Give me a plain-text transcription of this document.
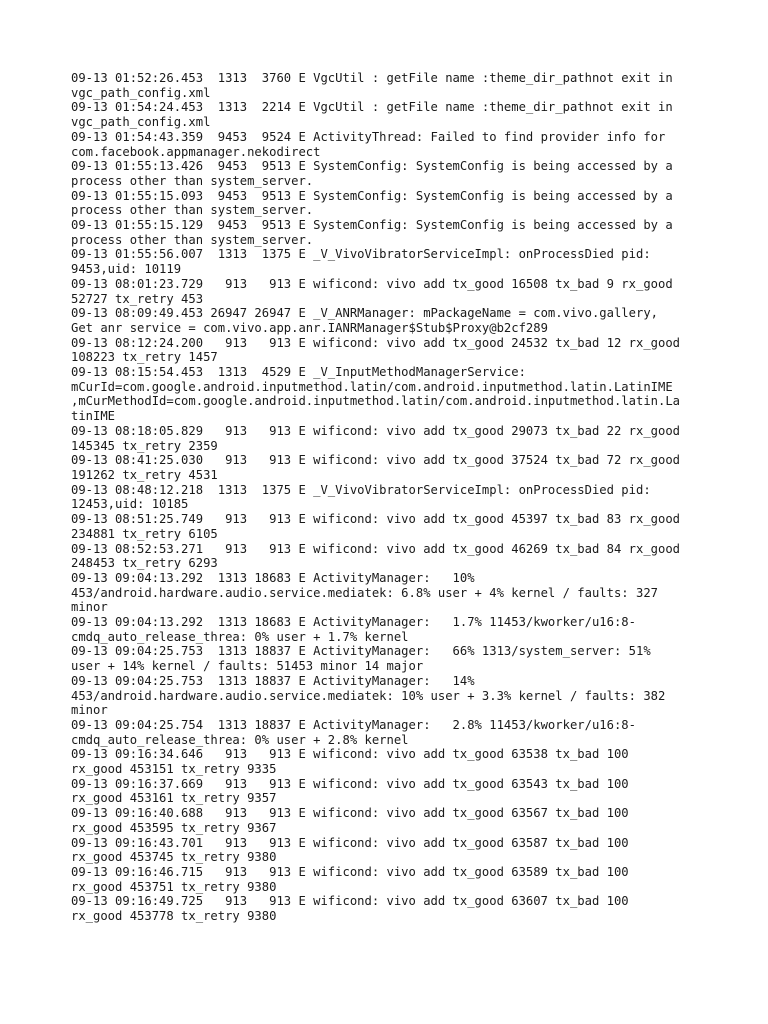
09-13 01:52:26.453  1313  3760 E VgcUtil : getFile name :theme_dir_pathnot exit in

vgc_path_config.xml

09-13 01:54:24.453  1313  2214 E VgcUtil : getFile name :theme_dir_pathnot exit in

vgc_path_config.xml

09-13 01:54:43.359  9453  9524 E ActivityThread: Failed to find provider info for

com.facebook.appmanager.nekodirect

09-13 01:55:13.426  9453  9513 E SystemConfig: SystemConfig is being accessed by a

process other than system_server.

09-13 01:55:15.093  9453  9513 E SystemConfig: SystemConfig is being accessed by a

process other than system_server.

09-13 01:55:15.129  9453  9513 E SystemConfig: SystemConfig is being accessed by a

process other than system_server.

09-13 01:55:56.007  1313  1375 E _V_VivoVibratorServiceImpl: onProcessDied pid:

9453,uid: 10119

09-13 08:01:23.729   913   913 E wificond: vivo add tx_good 16508 tx_bad 9 rx_good

52727 tx_retry 453

09-13 08:09:49.453 26947 26947 E _V_ANRManager: mPackageName = com.vivo.gallery,

Get anr service = com.vivo.app.anr.IANRManager$Stub$Proxy@b2cf289

09-13 08:12:24.200   913   913 E wificond: vivo add tx_good 24532 tx_bad 12 rx_good

108223 tx_retry 1457

09-13 08:15:54.453  1313  4529 E _V_InputMethodManagerService:

mCurId=com.google.android.inputmethod.latin/com.android.inputmethod.latin.LatinIME

,mCurMethodId=com.google.android.inputmethod.latin/com.android.inputmethod.latin.La

tinIME

09-13 08:18:05.829   913   913 E wificond: vivo add tx_good 29073 tx_bad 22 rx_good

145345 tx_retry 2359

09-13 08:41:25.030   913   913 E wificond: vivo add tx_good 37524 tx_bad 72 rx_good

191262 tx_retry 4531

09-13 08:48:12.218  1313  1375 E _V_VivoVibratorServiceImpl: onProcessDied pid:

12453,uid: 10185

09-13 08:51:25.749   913   913 E wificond: vivo add tx_good 45397 tx_bad 83 rx_good

234881 tx_retry 6105

09-13 08:52:53.271   913   913 E wificond: vivo add tx_good 46269 tx_bad 84 rx_good

248453 tx_retry 6293

09-13 09:04:13.292  1313 18683 E ActivityManager:   10%

453/android.hardware.audio.service.mediatek: 6.8% user + 4% kernel / faults: 327

minor

09-13 09:04:13.292  1313 18683 E ActivityManager:   1.7% 11453/kworker/u16:8-

cmdq_auto_release_threa: 0% user + 1.7% kernel

09-13 09:04:25.753  1313 18837 E ActivityManager:   66% 1313/system_server: 51%

user + 14% kernel / faults: 51453 minor 14 major

09-13 09:04:25.753  1313 18837 E ActivityManager:   14%

453/android.hardware.audio.service.mediatek: 10% user + 3.3% kernel / faults: 382

minor

09-13 09:04:25.754  1313 18837 E ActivityManager:   2.8% 11453/kworker/u16:8-

cmdq_auto_release_threa: 0% user + 2.8% kernel

09-13 09:16:34.646   913   913 E wificond: vivo add tx_good 63538 tx_bad 100

rx_good 453151 tx_retry 9335

09-13 09:16:37.669   913   913 E wificond: vivo add tx_good 63543 tx_bad 100

rx_good 453161 tx_retry 9357

09-13 09:16:40.688   913   913 E wificond: vivo add tx_good 63567 tx_bad 100

rx_good 453595 tx_retry 9367

09-13 09:16:43.701   913   913 E wificond: vivo add tx_good 63587 tx_bad 100

rx_good 453745 tx_retry 9380

09-13 09:16:46.715   913   913 E wificond: vivo add tx_good 63589 tx_bad 100

rx_good 453751 tx_retry 9380

09-13 09:16:49.725   913   913 E wificond: vivo add tx_good 63607 tx_bad 100

rx_good 453778 tx_retry 9380
